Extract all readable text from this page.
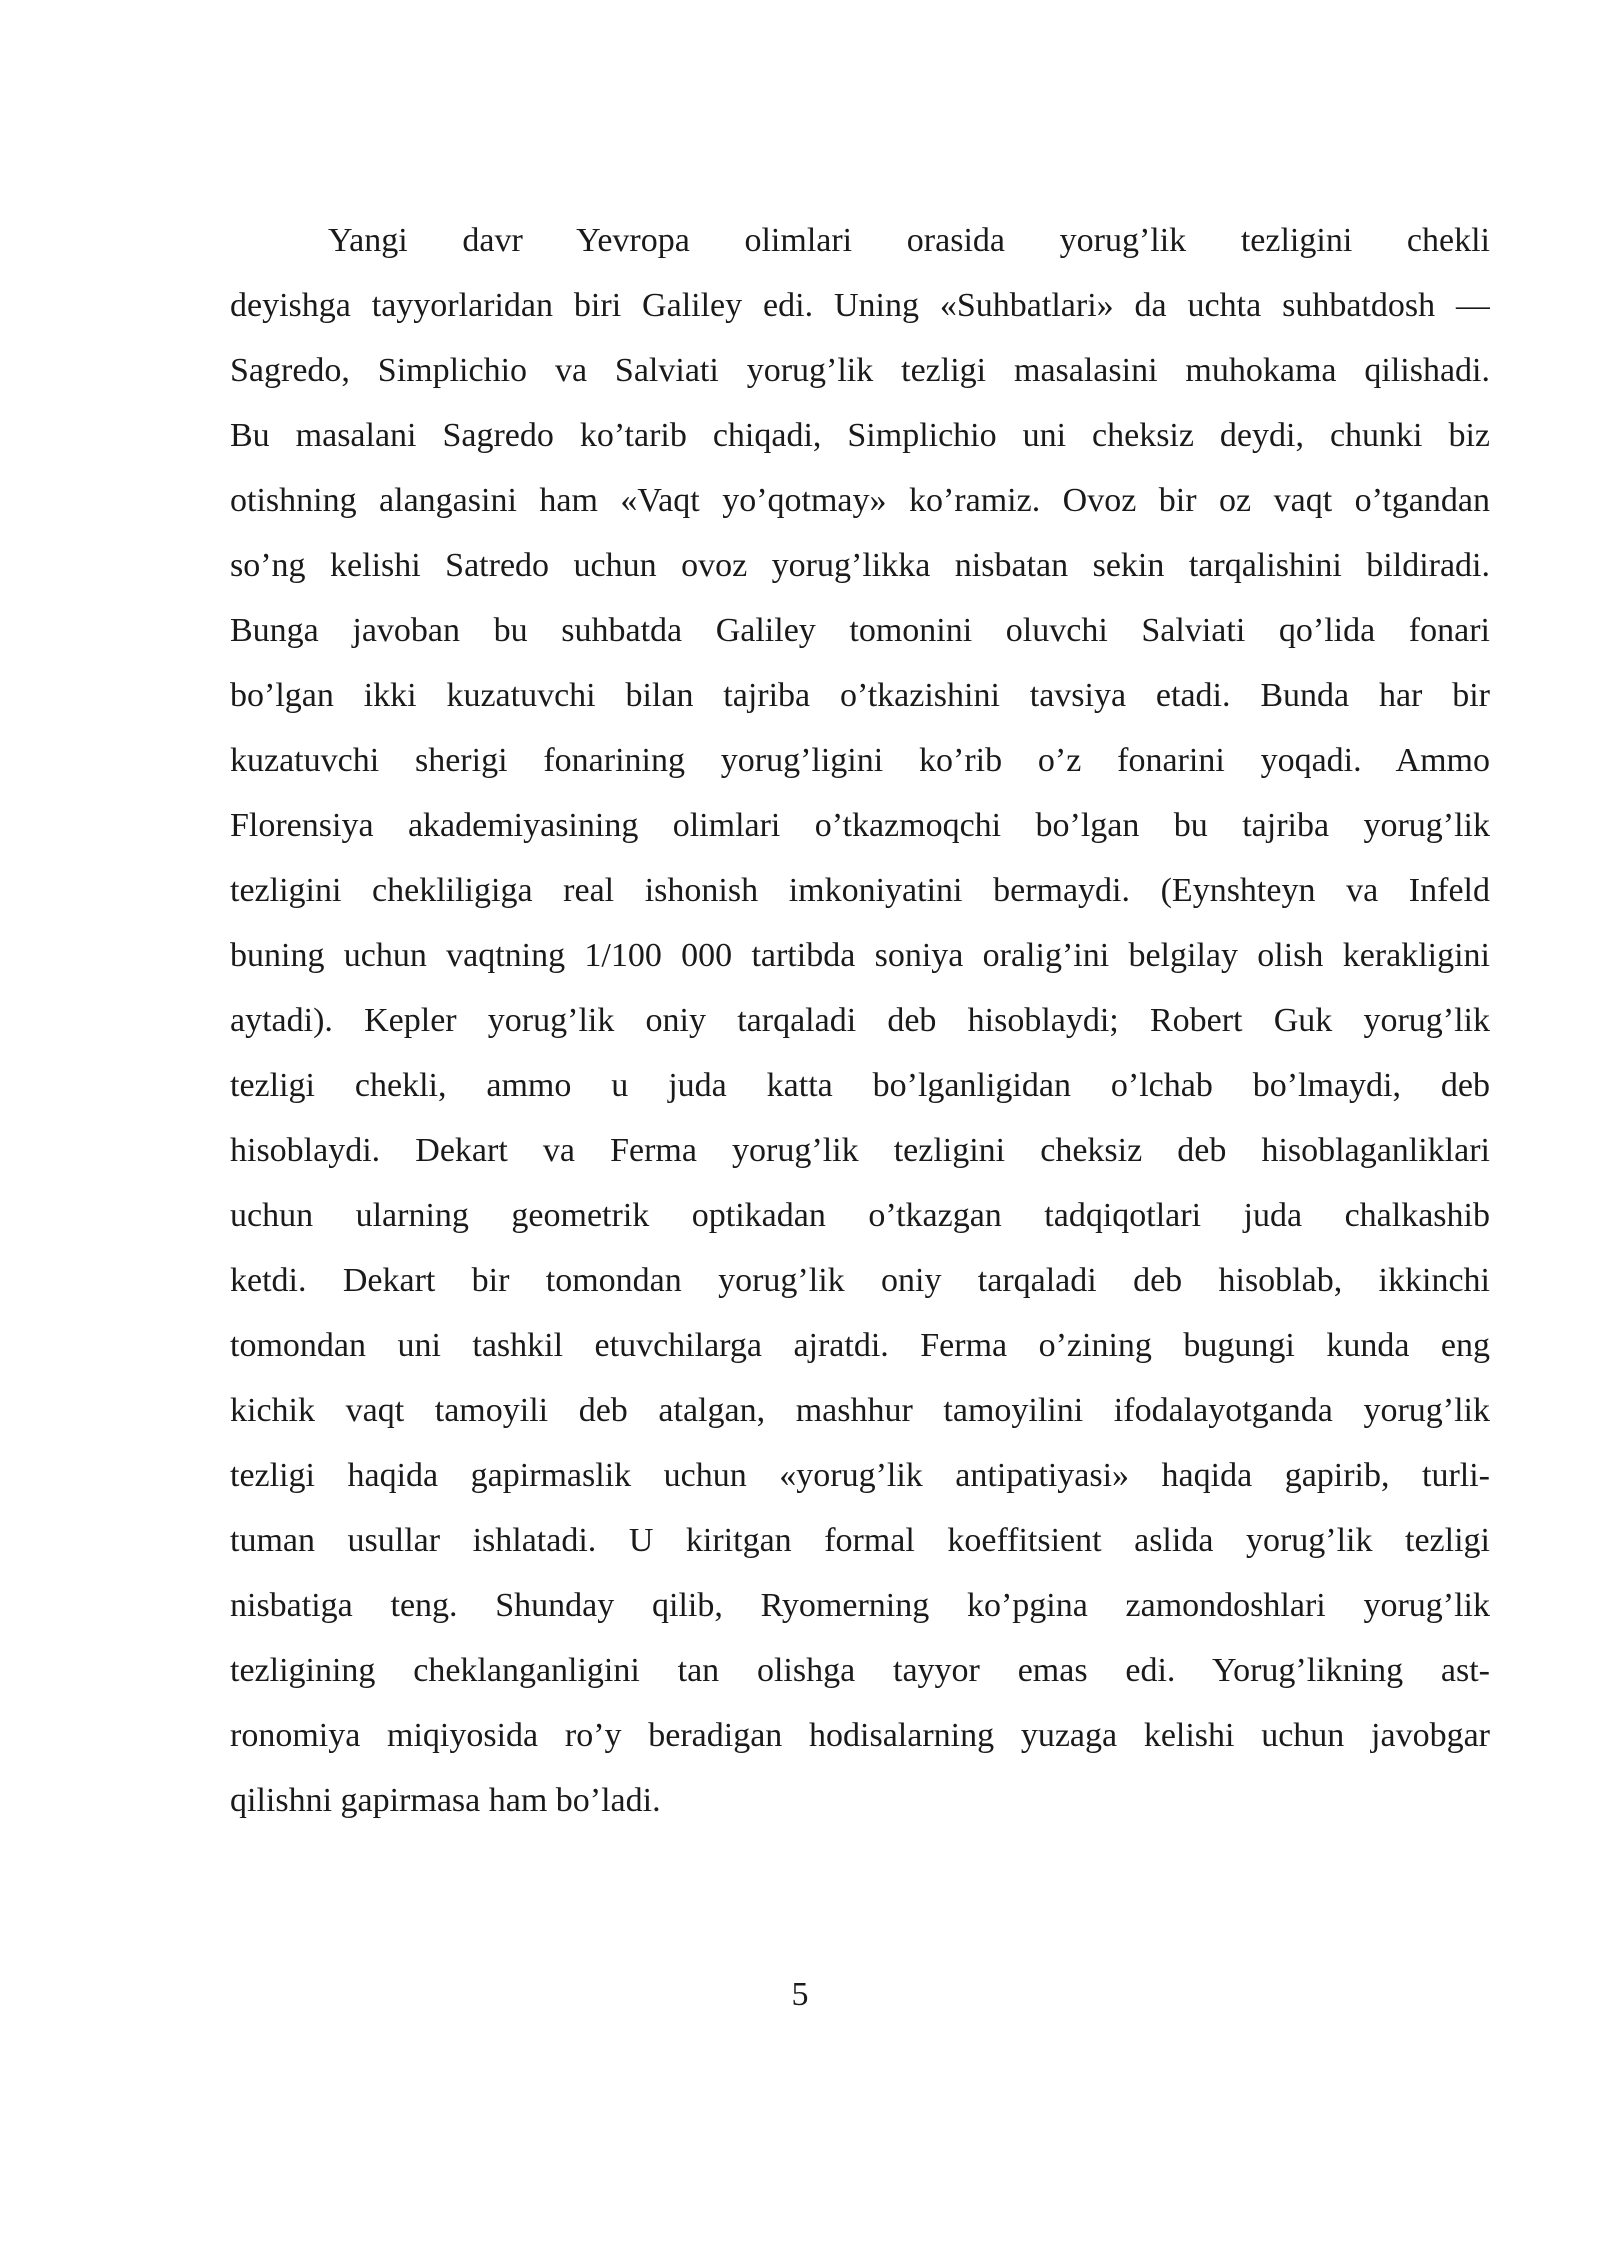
Yangi davr Yevropa olimlari orasida yorug’lik tezligini chekli
deyishga tayyorlaridan biri Galiley edi. Uning «Suhbatlari» da uchta suhbatdosh —
Sagredo, Simplichio va Salviati yorug’lik tezligi masalasini muhokama qilishadi.
Bu masalani Sagredo ko’tarib chiqadi, Simplichio uni cheksiz deydi, chunki biz
otishning alangasini ham «Vaqt yo’qotmay» ko’ramiz. Ovoz bir oz vaqt o’tgandan
so’ng kelishi Satredo uchun ovoz yorug’likka nisbatan sekin tarqalishini bildiradi.
Bunga javoban bu suhbatda Galiley tomonini oluvchi Salviati qo’lida fonari
bo’lgan ikki kuzatuvchi bilan tajriba o’tkazishini tavsiya etadi. Bunda har bir
kuzatuvchi sherigi fonarining yorug’ligini ko’rib o’z fonarini yoqadi. Ammo
Florensiya akademiyasining olimlari o’tkazmoqchi bo’lgan bu tajriba yorug’lik
tezligini chekliligiga real ishonish imkoniyatini bermaydi. (Eynshteyn va Infeld
buning uchun vaqtning 1/100 000 tartibda soniya oralig’ini belgilay olish kerakligini
aytadi). Kepler yorug’lik oniy tarqaladi deb hisoblaydi; Robert Guk yorug’lik
tezligi chekli, ammo u juda katta bo’lganligidan o’lchab bo’lmaydi, deb
hisoblaydi. Dekart va Ferma yorug’lik tezligini cheksiz deb hisoblaganliklari
uchun ularning geometrik optikadan o’tkazgan tadqiqotlari juda chalkashib
ketdi. Dekart bir tomondan yorug’lik oniy tarqaladi deb hisoblab, ikkinchi
tomondan uni tashkil etuvchilarga ajratdi. Ferma o’zining bugungi kunda eng
kichik vaqt tamoyili deb atalgan, mashhur tamoyilini ifodalayotganda yorug’lik
tezligi haqida gapirmaslik uchun «yorug’lik antipatiyasi» haqida gapirib, turli-
tuman usullar ishlatadi. U kiritgan formal koeffitsient aslida yorug’lik tezligi
nisbatiga teng. Shunday qilib, Ryomerning ko’pgina zamondoshlari yorug’lik
tezligining cheklanganligini tan olishga tayyor emas edi. Yorug’likning ast-
ronomiya miqiyosida ro’y beradigan hodisalarning yuzaga kelishi uchun javobgar
qilishni gapirmasa ham bo’ladi.
5
